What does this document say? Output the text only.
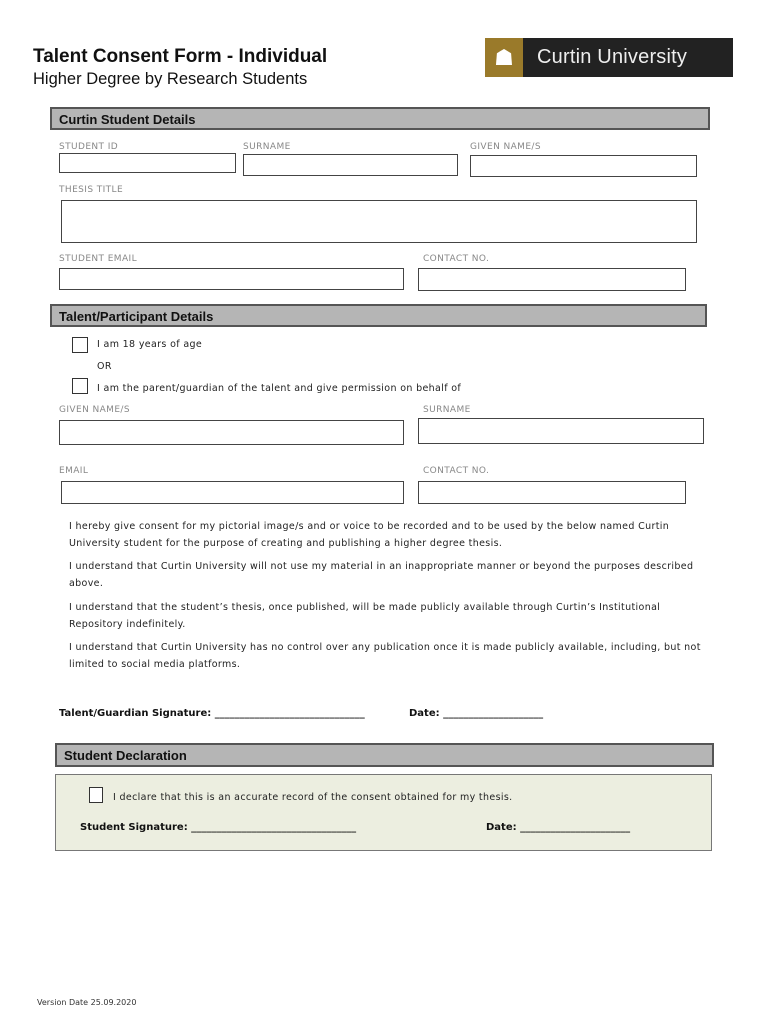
Talent Consent Form - Individual
Higher Degree by Research Students
☗	Curtin University
Curtin Student Details
STUDENT ID	SURNAME	GIVEN NAME/S
THESIS TITLE
STUDENT EMAIL	CONTACT NO.
Talent/Participant Details
I am 18 years of age
OR
I am the parent/guardian of the talent and give permission on behalf of
GIVEN NAME/S	SURNAME
EMAIL	CONTACT NO.
I hereby give consent for my pictorial image/s and or voice to be recorded and to be used by the below named Curtin University student for the purpose of creating and publishing a higher degree thesis.
I understand that Curtin University will not use my material in an inappropriate manner or beyond the purposes described above.
I understand that the student’s thesis, once published, will be made publicly available through Curtin’s Institutional Repository indefinitely.
I understand that Curtin University has no control over any publication once it is made publicly available, including, but not limited to social media platforms.
Talent/Guardian Signature: ______________________________	Date: ____________________
Student Declaration
I declare that this is an accurate record of the consent obtained for my thesis.
Student Signature: _________________________________	Date: ______________________
Version Date 25.09.2020
